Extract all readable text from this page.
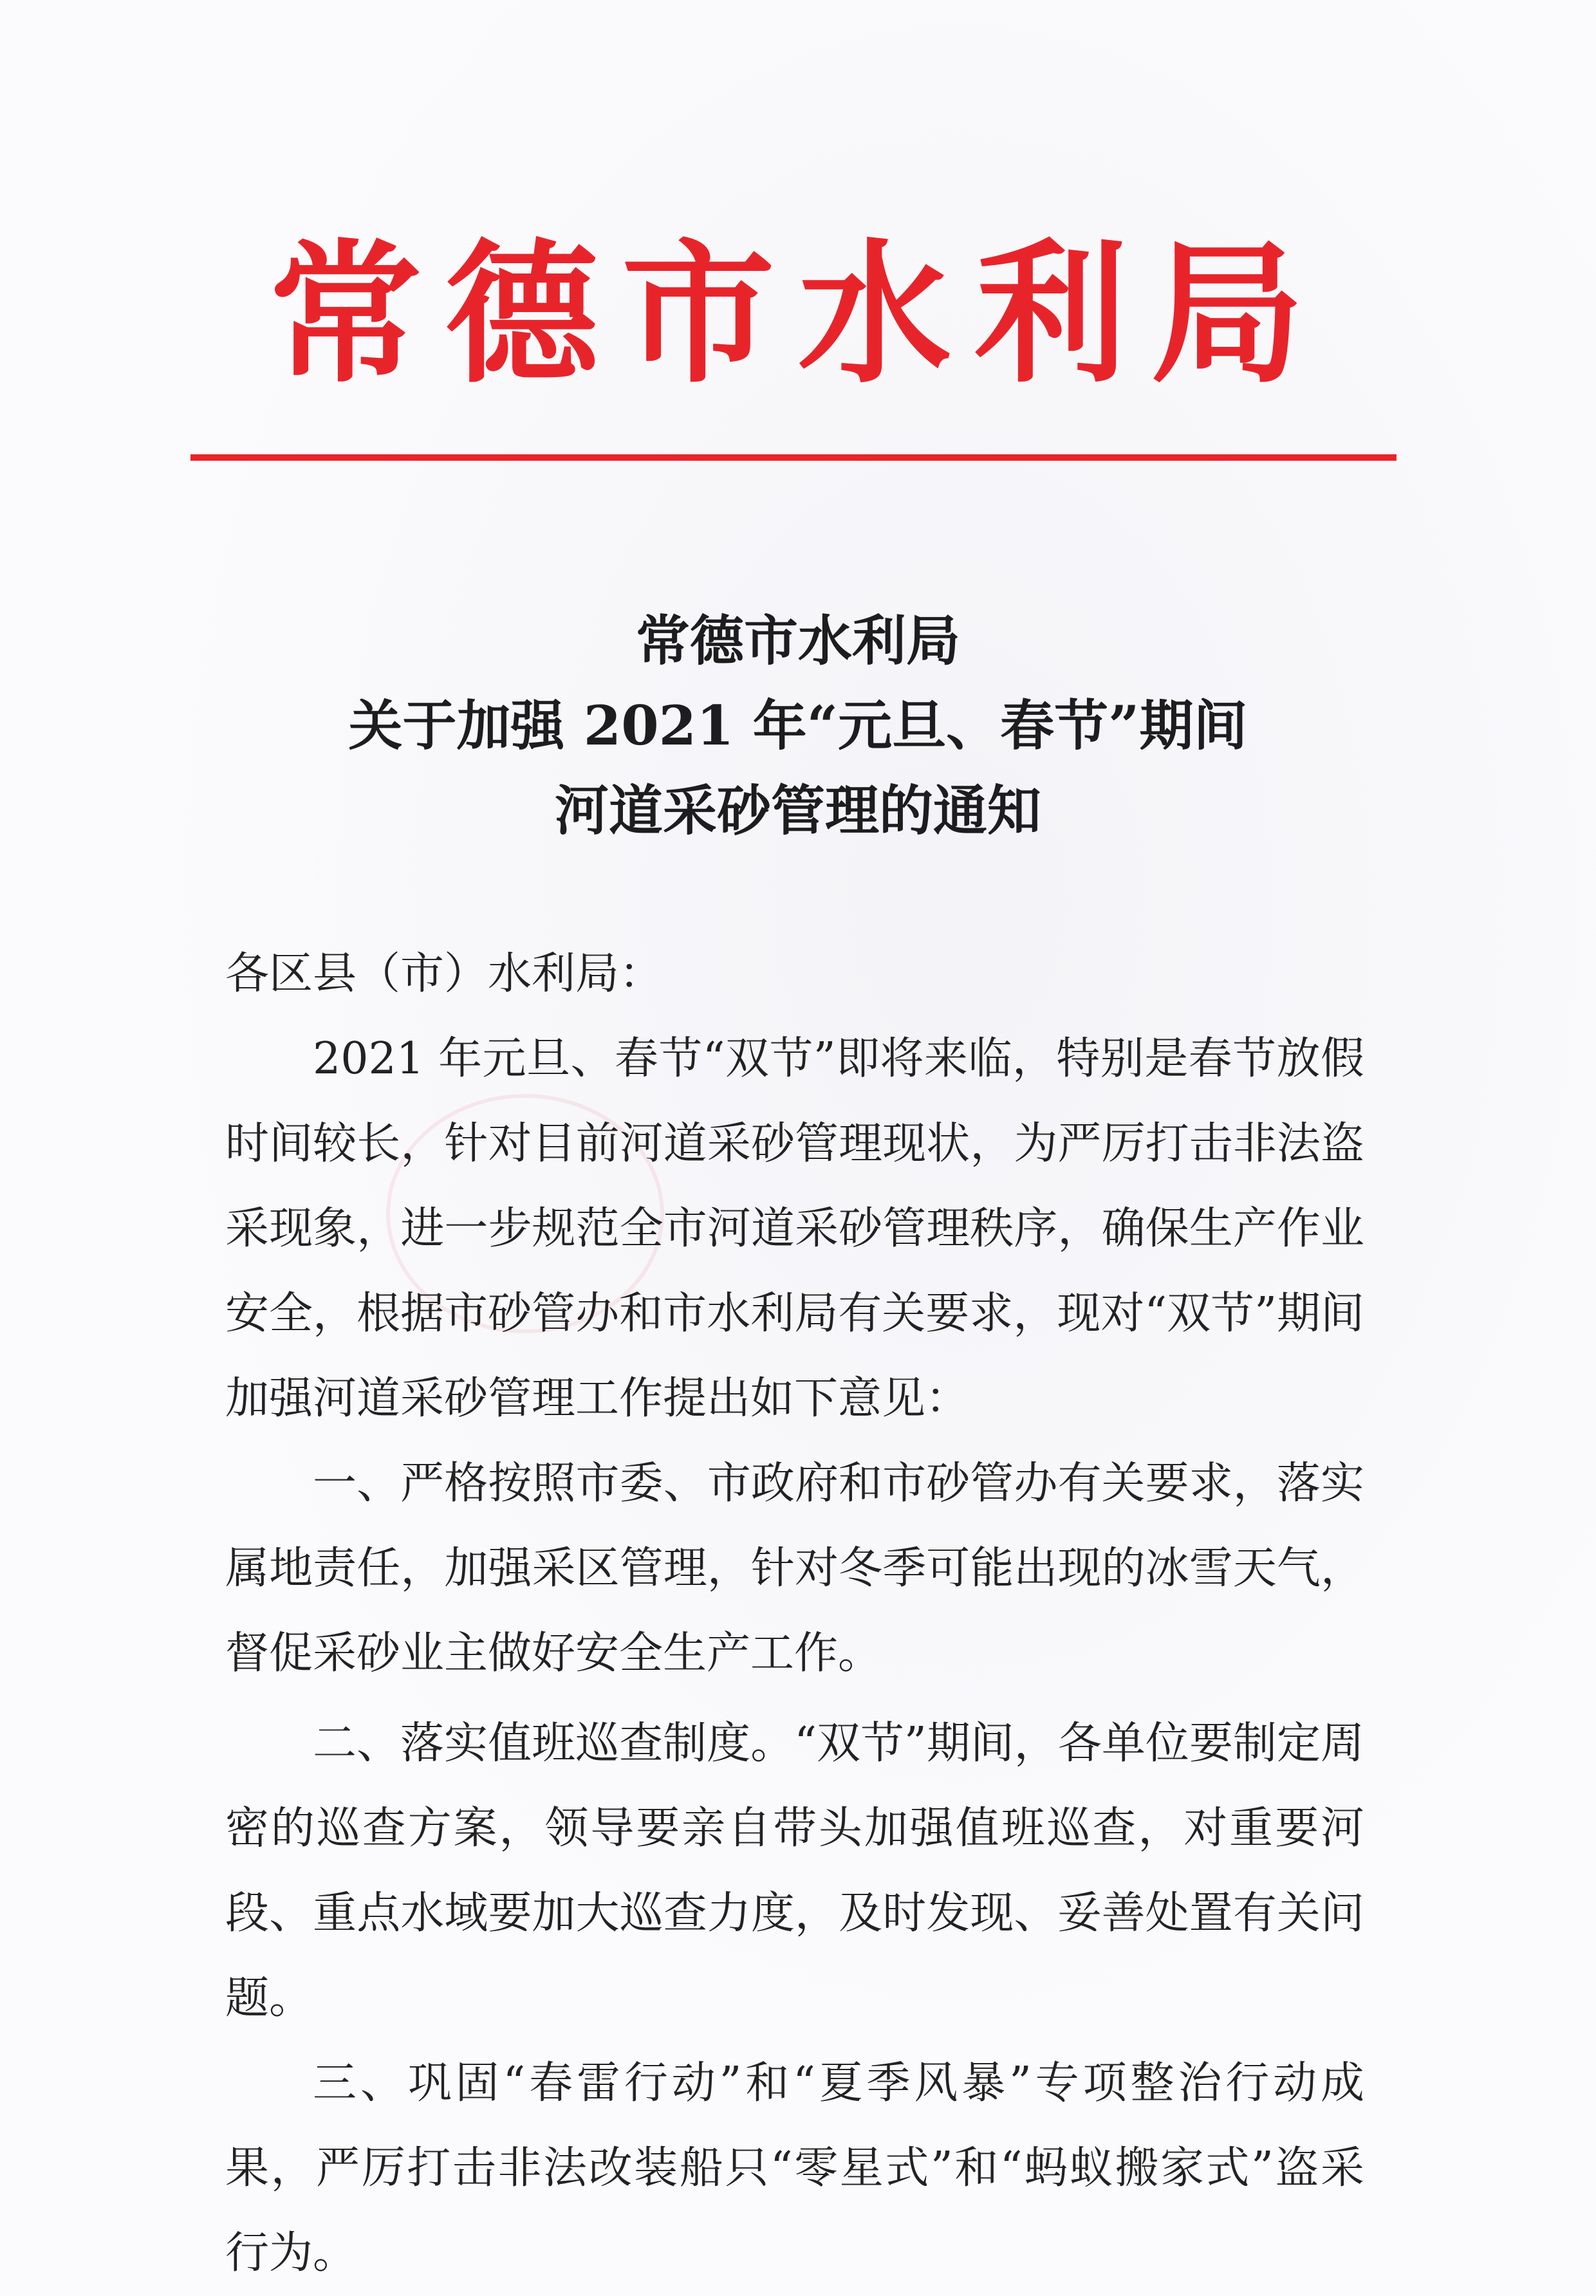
常德市水利局
常德市水利局
关于加强 2021 年“元旦、春节”期间
河道采砂管理的通知

各区县（市）水利局：

2021 年元旦、春节“双节”即将来临，特别是春节放假时间较长，针对目前河道采砂管理现状，为严厉打击非法盗采现象，进一步规范全市河道采砂管理秩序，确保生产作业安全，根据市砂管办和市水利局有关要求，现对“双节”期间加强河道采砂管理工作提出如下意见：

一、严格按照市委、市政府和市砂管办有关要求，落实属地责任，加强采区管理，针对冬季可能出现的冰雪天气，督促采砂业主做好安全生产工作。

二、落实值班巡查制度。“双节”期间，各单位要制定周密的巡查方案，领导要亲自带头加强值班巡查，对重要河段、重点水域要加大巡查力度，及时发现、妥善处置有关问题。

三、巩固“春雷行动”和“夏季风暴”专项整治行动成果，严厉打击非法改装船只“零星式”和“蚂蚁搬家式”盗采行为。
